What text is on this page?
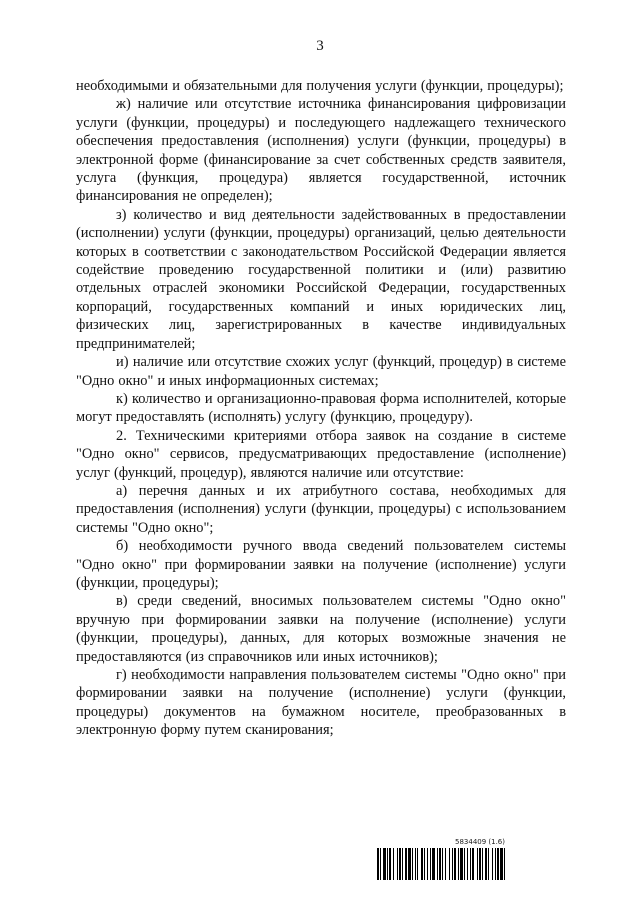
3

необходимыми и обязательными для получения услуги (функции, процедуры);

ж) наличие или отсутствие источника финансирования цифровизации услуги (функции, процедуры) и последующего надлежащего технического обеспечения предоставления (исполнения) услуги (функции, процедуры) в электронной форме (финансирование за счет собственных средств заявителя, услуга (функция, процедура) является государственной, источник финансирования не определен);

з) количество и вид деятельности задействованных в предоставлении (исполнении) услуги (функции, процедуры) организаций, целью деятельности которых в соответствии с законодательством Российской Федерации является содействие проведению государственной политики и (или) развитию отдельных отраслей экономики Российской Федерации, государственных корпораций, государственных компаний и иных юридических лиц, физических лиц, зарегистрированных в качестве индивидуальных предпринимателей;

и) наличие или отсутствие схожих услуг (функций, процедур) в системе "Одно окно" и иных информационных системах;

к) количество и организационно-правовая форма исполнителей, которые могут предоставлять (исполнять) услугу (функцию, процедуру).

2. Техническими критериями отбора заявок на создание в системе "Одно окно" сервисов, предусматривающих предоставление (исполнение) услуг (функций, процедур), являются наличие или отсутствие:

а) перечня данных и их атрибутного состава, необходимых для предоставления (исполнения) услуги (функции, процедуры) с использованием системы "Одно окно";

б) необходимости ручного ввода сведений пользователем системы "Одно окно" при формировании заявки на получение (исполнение) услуги (функции, процедуры);

в) среди сведений, вносимых пользователем системы "Одно окно" вручную при формировании заявки на получение (исполнение) услуги (функции, процедуры), данных, для которых возможные значения не предоставляются (из справочников или иных источников);

г) необходимости направления пользователем системы "Одно окно" при формировании заявки на получение (исполнение) услуги (функции, процедуры) документов на бумажном носителе, преобразованных в электронную форму путем сканирования;

5834409 (1.6)
